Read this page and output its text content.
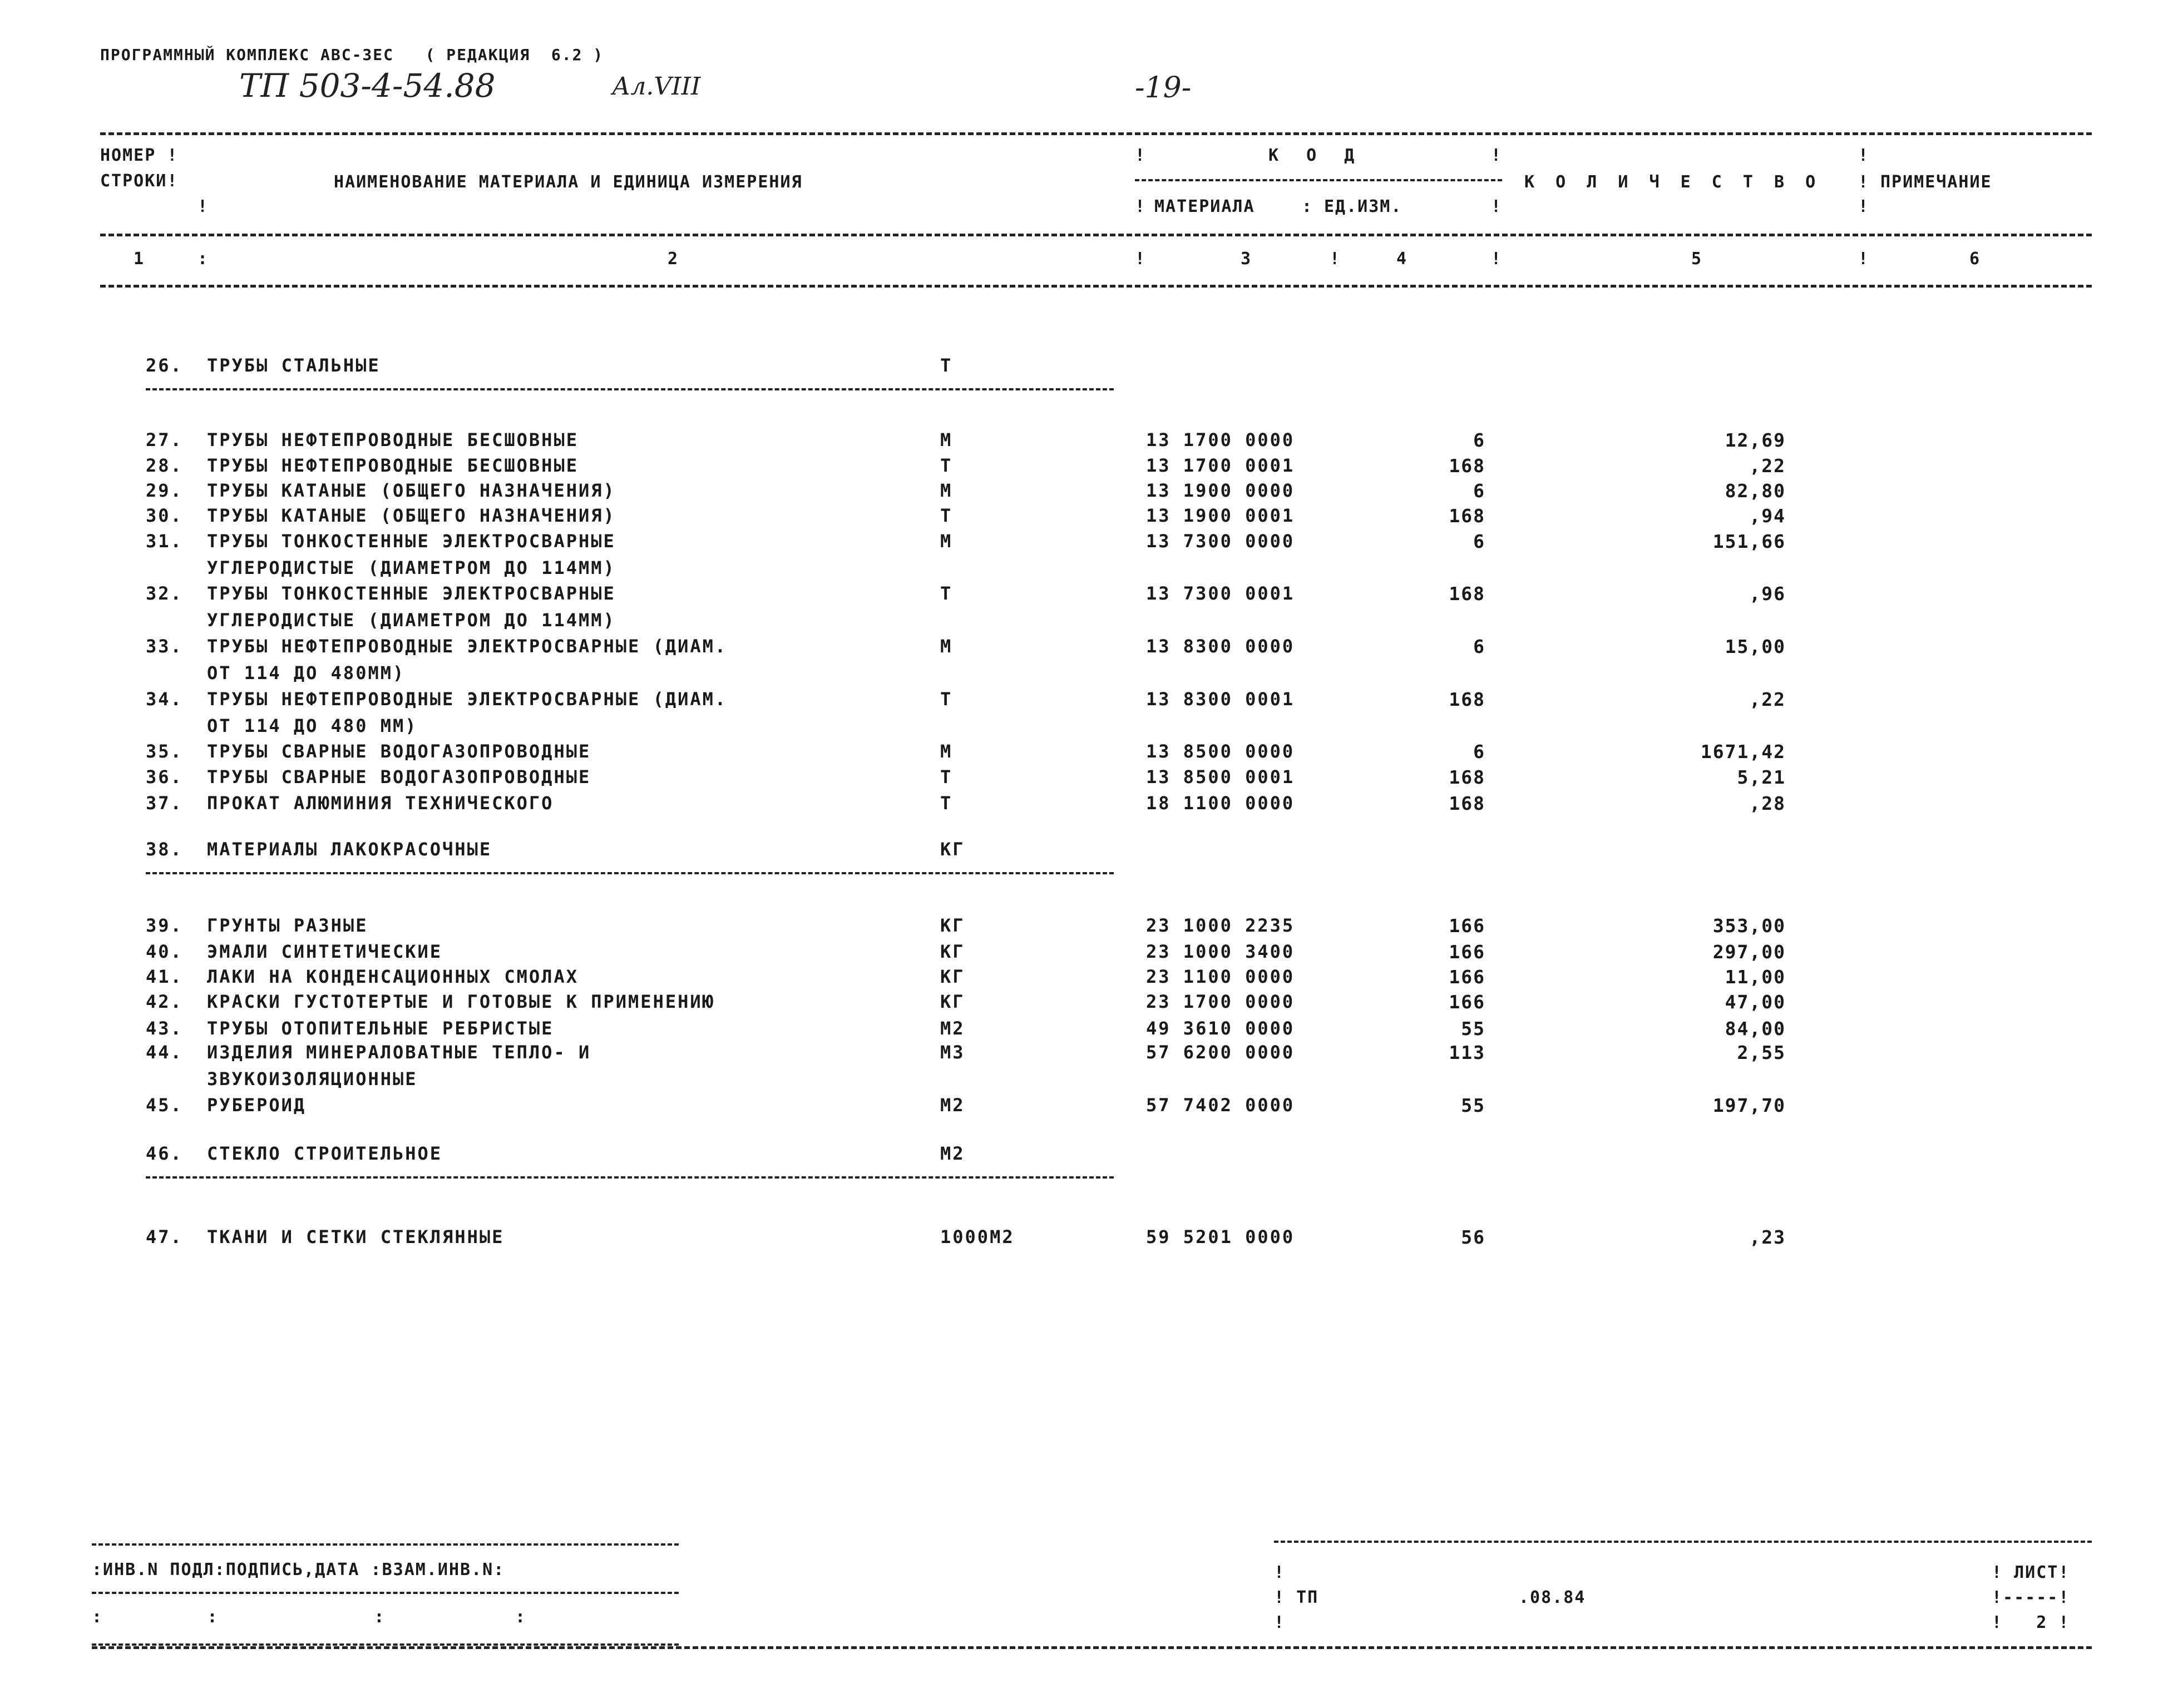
ПРОГРАММНЫЙ КОМПЛЕКС АВС-ЗЕС   ( РЕДАКЦИЯ  6.2 )
ТП 503-4-54.88	Ал.VIII	-19-
НОМЕР !
СТРОКИ!
!
НАИМЕНОВАНИЕ МАТЕРИАЛА И ЕДИНИЦА ИЗМЕРЕНИЯ
!	К О Д	!
! МАТЕРИАЛА	: ЕД.ИЗМ.	!
К О Л И Ч Е С Т В О
!
! ПРИМЕЧАНИЕ
!
1	:	2	!	3	!	4	!	5	!	6
26. ТРУБЫ СТАЛЬНЫЕ	Т
27. ТРУБЫ НЕФТЕПРОВОДНЫЕ БЕСШОВНЫЕ	М	13 1700 0000	6	12,69
28. ТРУБЫ НЕФТЕПРОВОДНЫЕ БЕСШОВНЫЕ	Т	13 1700 0001	168	,22
29. ТРУБЫ КАТАНЫЕ (ОБЩЕГО НАЗНАЧЕНИЯ)	М	13 1900 0000	6	82,80
30. ТРУБЫ КАТАНЫЕ (ОБЩЕГО НАЗНАЧЕНИЯ)	Т	13 1900 0001	168	,94
31. ТРУБЫ ТОНКОСТЕННЫЕ ЭЛЕКТРОСВАРНЫЕ
УГЛЕРОДИСТЫЕ (ДИАМЕТРОМ ДО 114ММ)
М	13 7300 0000	6	151,66
32. ТРУБЫ ТОНКОСТЕННЫЕ ЭЛЕКТРОСВАРНЫЕ
УГЛЕРОДИСТЫЕ (ДИАМЕТРОМ ДО 114ММ)
Т	13 7300 0001	168	,96
33. ТРУБЫ НЕФТЕПРОВОДНЫЕ ЭЛЕКТРОСВАРНЫЕ (ДИАМ.
ОТ 114 ДО 480ММ)
М	13 8300 0000	6	15,00
34. ТРУБЫ НЕФТЕПРОВОДНЫЕ ЭЛЕКТРОСВАРНЫЕ (ДИАМ.
ОТ 114 ДО 480 ММ)
Т	13 8300 0001	168	,22
35. ТРУБЫ СВАРНЫЕ ВОДОГАЗОПРОВОДНЫЕ	М	13 8500 0000	6	1671,42
36. ТРУБЫ СВАРНЫЕ ВОДОГАЗОПРОВОДНЫЕ	Т	13 8500 0001	168	5,21
37. ПРОКАТ АЛЮМИНИЯ ТЕХНИЧЕСКОГО	Т	18 1100 0000	168	,28
38. МАТЕРИАЛЫ ЛАКОКРАСОЧНЫЕ	КГ
39. ГРУНТЫ РАЗНЫЕ	КГ	23 1000 2235	166	353,00
40. ЭМАЛИ СИНТЕТИЧЕСКИЕ	КГ	23 1000 3400	166	297,00
41. ЛАКИ НА КОНДЕНСАЦИОННЫХ СМОЛАХ	КГ	23 1100 0000	166	11,00
42. КРАСКИ ГУСТОТЕРТЫЕ И ГОТОВЫЕ К ПРИМЕНЕНИЮ	КГ	23 1700 0000	166	47,00
43. ТРУБЫ ОТОПИТЕЛЬНЫЕ РЕБРИСТЫЕ	М2	49 3610 0000	55	84,00
44. ИЗДЕЛИЯ МИНЕРАЛОВАТНЫЕ ТЕПЛО- И
ЗВУКОИЗОЛЯЦИОННЫЕ
М3	57 6200 0000	113	2,55
45. РУБЕРОИД	М2	57 7402 0000	55	197,70
46. СТЕКЛО СТРОИТЕЛЬНОЕ	М2
47. ТКАНИ И СЕТКИ СТЕКЛЯННЫЕ	1000М2	59 5201 0000	56	,23
:ИНВ.N ПОДЛ:ПОДПИСЬ,ДАТА :ВЗАМ.ИНВ.N:
:        :            :          :
!
! ТП	.08.84
!
! ЛИСТ!
!-----!
!   2 !
